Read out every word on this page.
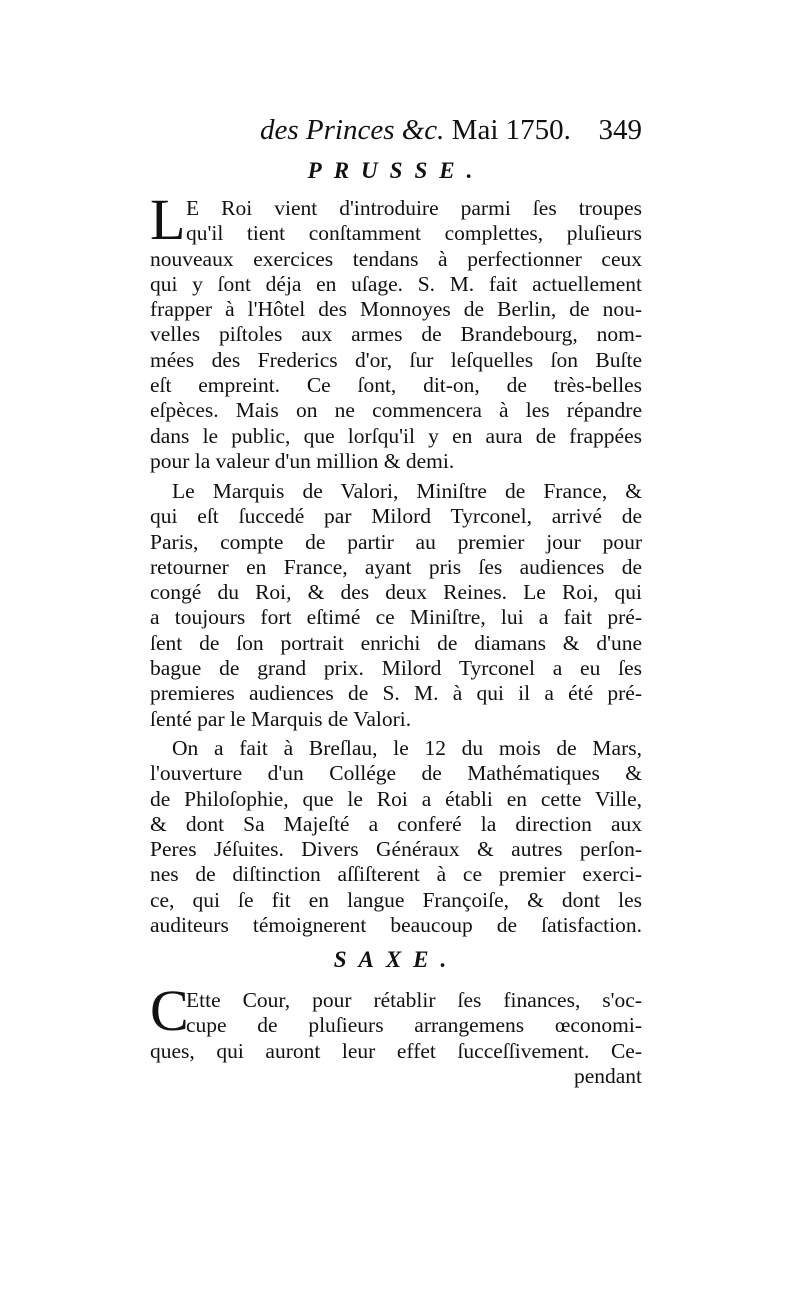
des Princes &c. Mai 1750. 349
PRUSSE.
L E Roi vient d'introduire parmi ſes troupes
qu'il tient conſtamment complettes, pluſieurs
nouveaux exercices tendans à perfectionner ceux
qui y ſont déja en uſage. S. M. fait actuellement
frapper à l'Hôtel des Monnoyes de Berlin, de nou-
velles piſtoles aux armes de Brandebourg, nom-
mées des Frederics d'or, ſur leſquelles ſon Buſte
eſt empreint. Ce ſont, dit-on, de très-belles
eſpèces. Mais on ne commencera à les répandre
dans le public, que lorſqu'il y en aura de frappées
pour la valeur d'un million & demi.
Le Marquis de Valori, Miniſtre de France, &
qui eſt ſuccedé par Milord Tyrconel, arrivé de
Paris, compte de partir au premier jour pour
retourner en France, ayant pris ſes audiences de
congé du Roi, & des deux Reines. Le Roi, qui
a toujours fort eſtimé ce Miniſtre, lui a fait pré-
ſent de ſon portrait enrichi de diamans & d'une
bague de grand prix. Milord Tyrconel a eu ſes
premieres audiences de S. M. à qui il a été pré-
ſenté par le Marquis de Valori.
On a fait à Breſlau, le 12 du mois de Mars,
l'ouverture d'un Collége de Mathématiques &
de Philoſophie, que le Roi a établi en cette Ville,
& dont Sa Majeſté a conferé la direction aux
Peres Jéſuites. Divers Généraux & autres perſon-
nes de diſtinction aſſiſterent à ce premier exerci-
ce, qui ſe fit en langue Françoiſe, & dont les
auditeurs témoignerent beaucoup de ſatisfaction.
SAXE.
C
Ette Cour, pour rétablir ſes finances, s'oc-
cupe de pluſieurs arrangemens œconomi-
ques, qui auront leur effet ſucceſſivement. Ce-
pendant
